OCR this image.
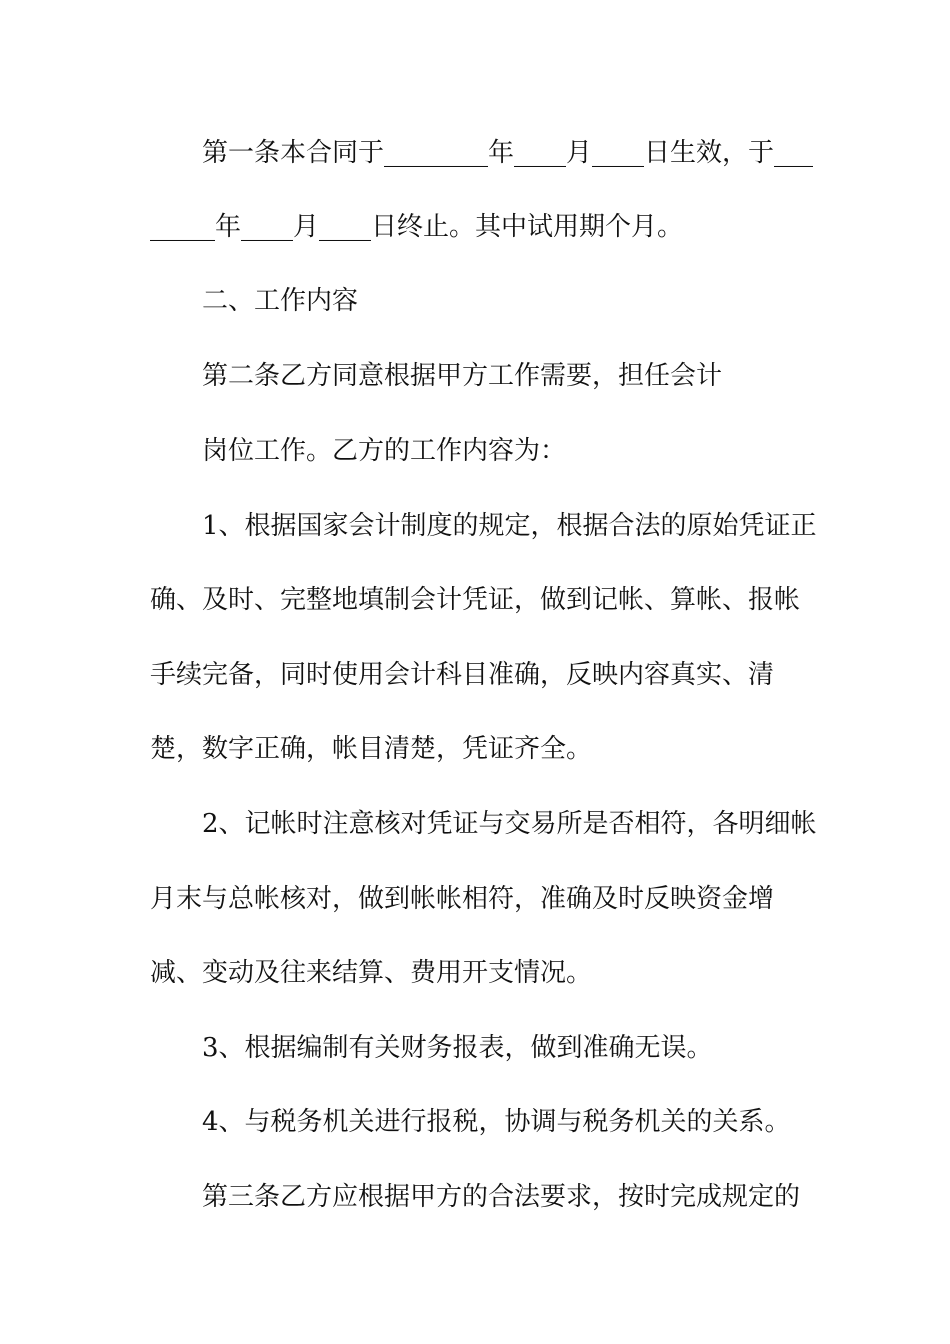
第一条本合同于________年____月____日生效，于___
_____年____月____日终止。其中试用期个月。
二、工作内容
第二条乙方同意根据甲方工作需要，担任会计
岗位工作。乙方的工作内容为：
1、根据国家会计制度的规定，根据合法的原始凭证正
确、及时、完整地填制会计凭证，做到记帐、算帐、报帐
手续完备，同时使用会计科目准确，反映内容真实、清
楚，数字正确，帐目清楚，凭证齐全。
2、记帐时注意核对凭证与交易所是否相符，各明细帐
月末与总帐核对，做到帐帐相符，准确及时反映资金增
减、变动及往来结算、费用开支情况。
3、根据编制有关财务报表，做到准确无误。
4、与税务机关进行报税，协调与税务机关的关系。
第三条乙方应根据甲方的合法要求，按时完成规定的
